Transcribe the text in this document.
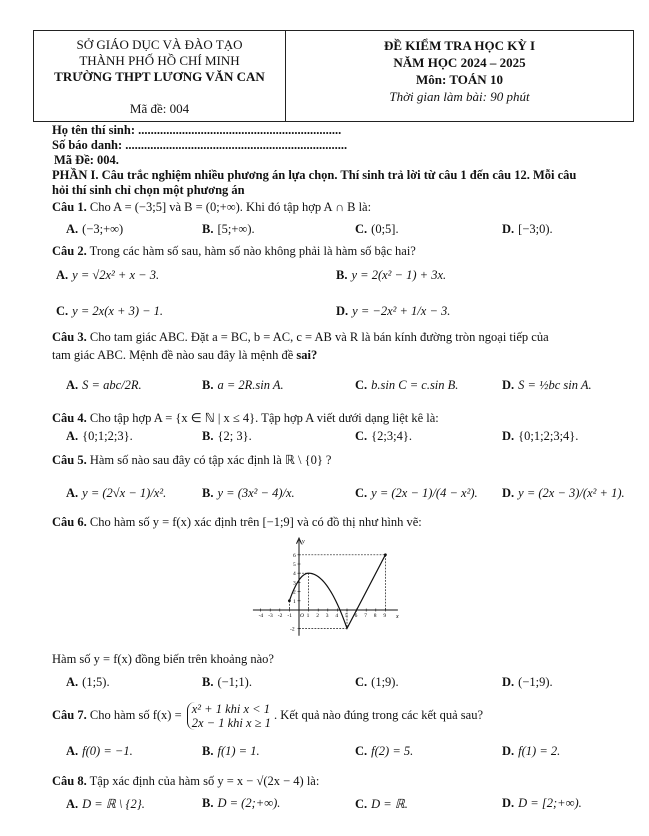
SỞ GIÁO DỤC VÀ ĐÀO TẠO
THÀNH PHỐ HỒ CHÍ MINH
TRƯỜNG THPT LƯƠNG VĂN CAN
Mã đề: 004
ĐỀ KIỂM TRA HỌC KỲ I
NĂM HỌC 2024 – 2025
Môn: TOÁN 10
Thời gian làm bài: 90 phút
Họ tên thí sinh: .................................................................
Số báo danh: .......................................................................
Mã Đề: 004.
PHẦN I. Câu trắc nghiệm nhiều phương án lựa chọn. Thí sinh trả lời từ câu 1 đến câu 12. Mỗi câu
hỏi thí sinh chỉ chọn một phương án
Câu 1. Cho A = (−3;5] và B = (0;+∞). Khi đó tập hợp A ∩ B là:
A. (−3;+∞)	B. [5;+∞).	C. (0;5].	D. [−3;0).
Câu 2. Trong các hàm số sau, hàm số nào không phải là hàm số bậc hai?
A. y = √2x² + x − 3.	B. y = 2(x² − 1) + 3x.
C. y = 2x(x + 3) − 1.	D. y = −2x² + 1/x − 3.
Câu 3. Cho tam giác ABC. Đặt a = BC, b = AC, c = AB và R là bán kính đường tròn ngoại tiếp của
tam giác ABC. Mệnh đề nào sau đây là mệnh đề sai?
A. S = abc/2R.	B. a = 2R.sin A.	C. b.sin C = c.sin B.	D. S = ½bc sin A.
Câu 4. Cho tập hợp A = {x ∈ ℕ | x ≤ 4}. Tập hợp A viết dưới dạng liệt kê là:
A. {0;1;2;3}.	B. {2; 3}.	C. {2;3;4}.	D. {0;1;2;3;4}.
Câu 5. Hàm số nào sau đây có tập xác định là ℝ \ {0} ?
A. y = (2√x − 1)/x².	B. y = (3x² − 4)/x.	C. y = (2x − 1)/(4 − x²). D. y = (2x − 3)/(x² + 1).
Câu 6. Cho hàm số y = f(x) xác định trên [−1;9] và có đồ thị như hình vẽ:
y
x
-4 -3 -2 -1 O 1 2 3 4 5 6 7 8 9
6
5
4
3
2
1
-2
Hàm số y = f(x) đồng biến trên khoảng nào?
A. (1;5).	B. (−1;1).	C. (1;9).	D. (−1;9).
Câu 7. Cho hàm số f(x) = x² + 1 khi x < 1
2x − 1 khi x ≥ 1
. Kết quả nào đúng trong các kết quả sau?
A. f(0) = −1.	B. f(1) = 1.	C. f(2) = 5.	D. f(1) = 2.
Câu 8. Tập xác định của hàm số y = x − √(2x − 4) là:
A. D = ℝ \ {2}.	B. D = (2;+∞).	C. D = ℝ.	D. D = [2;+∞).
